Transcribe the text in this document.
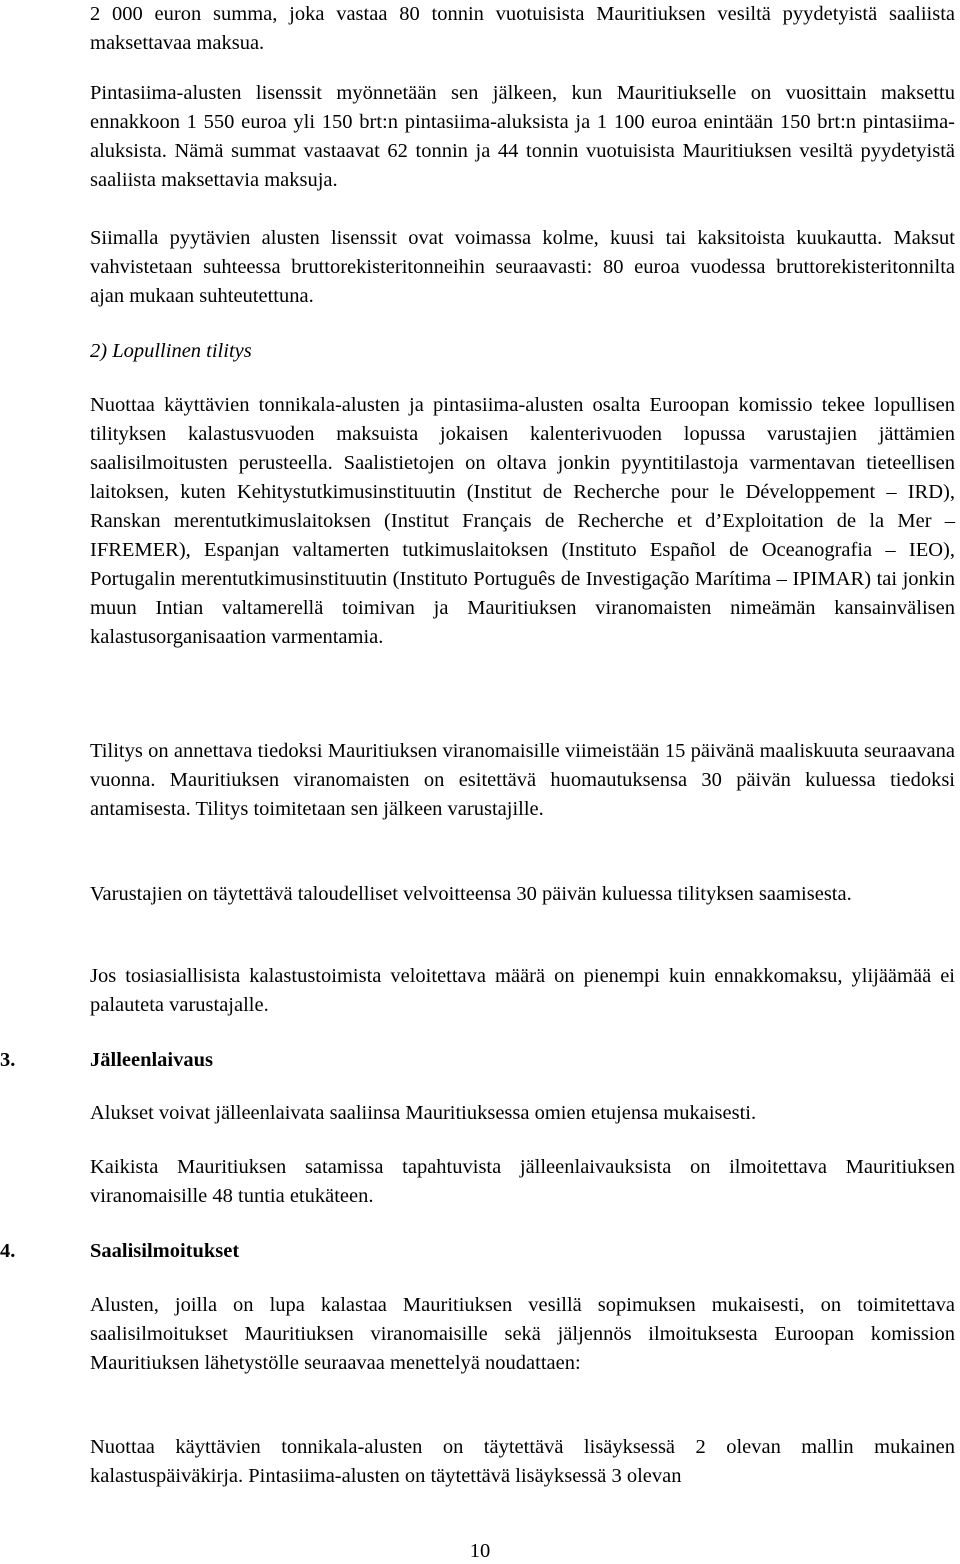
2 000 euron summa, joka vastaa 80 tonnin vuotuisista Mauritiuksen vesiltä pyydetyistä saaliista maksettavaa maksua.

Pintasiima-alusten lisenssit myönnetään sen jälkeen, kun Mauritiukselle on vuosittain maksettu ennakkoon 1 550 euroa yli 150 brt:n pintasiima-aluksista ja 1 100 euroa enintään 150 brt:n pintasiima-aluksista. Nämä summat vastaavat 62 tonnin ja 44 tonnin vuotuisista Mauritiuksen vesiltä pyydetyistä saaliista maksettavia maksuja.

Siimalla pyytävien alusten lisenssit ovat voimassa kolme, kuusi tai kaksitoista kuukautta. Maksut vahvistetaan suhteessa bruttorekisteritonneihin seuraavasti: 80 euroa vuodessa bruttorekisteritonnilta ajan mukaan suhteutettuna.

2) Lopullinen tilitys

Nuottaa käyttävien tonnikala-alusten ja pintasiima-alusten osalta Euroopan komissio tekee lopullisen tilityksen kalastusvuoden maksuista jokaisen kalenterivuoden lopussa varustajien jättämien saalisilmoitusten perusteella. Saalistietojen on oltava jonkin pyyntitilastoja varmentavan tieteellisen laitoksen, kuten Kehitystutkimusinstituutin (Institut de Recherche pour le Développement – IRD), Ranskan merentutkimuslaitoksen (Institut Français de Recherche et d’Exploitation de la Mer – IFREMER), Espanjan valtamerten tutkimuslaitoksen (Instituto Español de Oceanografia – IEO), Portugalin merentutkimusinstituutin (Instituto Português de Investigação Marítima – IPIMAR) tai jonkin muun Intian valtamerellä toimivan ja Mauritiuksen viranomaisten nimeämän kansainvälisen kalastusorganisaation varmentamia.

Tilitys on annettava tiedoksi Mauritiuksen viranomaisille viimeistään 15 päivänä maaliskuuta seuraavana vuonna. Mauritiuksen viranomaisten on esitettävä huomautuksensa 30 päivän kuluessa tiedoksi antamisesta. Tilitys toimitetaan sen jälkeen varustajille.

Varustajien on täytettävä taloudelliset velvoitteensa 30 päivän kuluessa tilityksen saamisesta.

Jos tosiasiallisista kalastustoimista veloitettava määrä on pienempi kuin ennakkomaksu, ylijäämää ei palauteta varustajalle.

3.	Jälleenlaivaus

Alukset voivat jälleenlaivata saaliinsa Mauritiuksessa omien etujensa mukaisesti.

Kaikista Mauritiuksen satamissa tapahtuvista jälleenlaivauksista on ilmoitettava Mauritiuksen viranomaisille 48 tuntia etukäteen.

4.	Saalisilmoitukset

Alusten, joilla on lupa kalastaa Mauritiuksen vesillä sopimuksen mukaisesti, on toimitettava saalisilmoitukset Mauritiuksen viranomaisille sekä jäljennös ilmoituksesta Euroopan komission Mauritiuksen lähetystölle seuraavaa menettelyä noudattaen:

Nuottaa käyttävien tonnikala-alusten on täytettävä lisäyksessä 2 olevan mallin mukainen kalastuspäiväkirja. Pintasiima-alusten on täytettävä lisäyksessä 3 olevan

10
